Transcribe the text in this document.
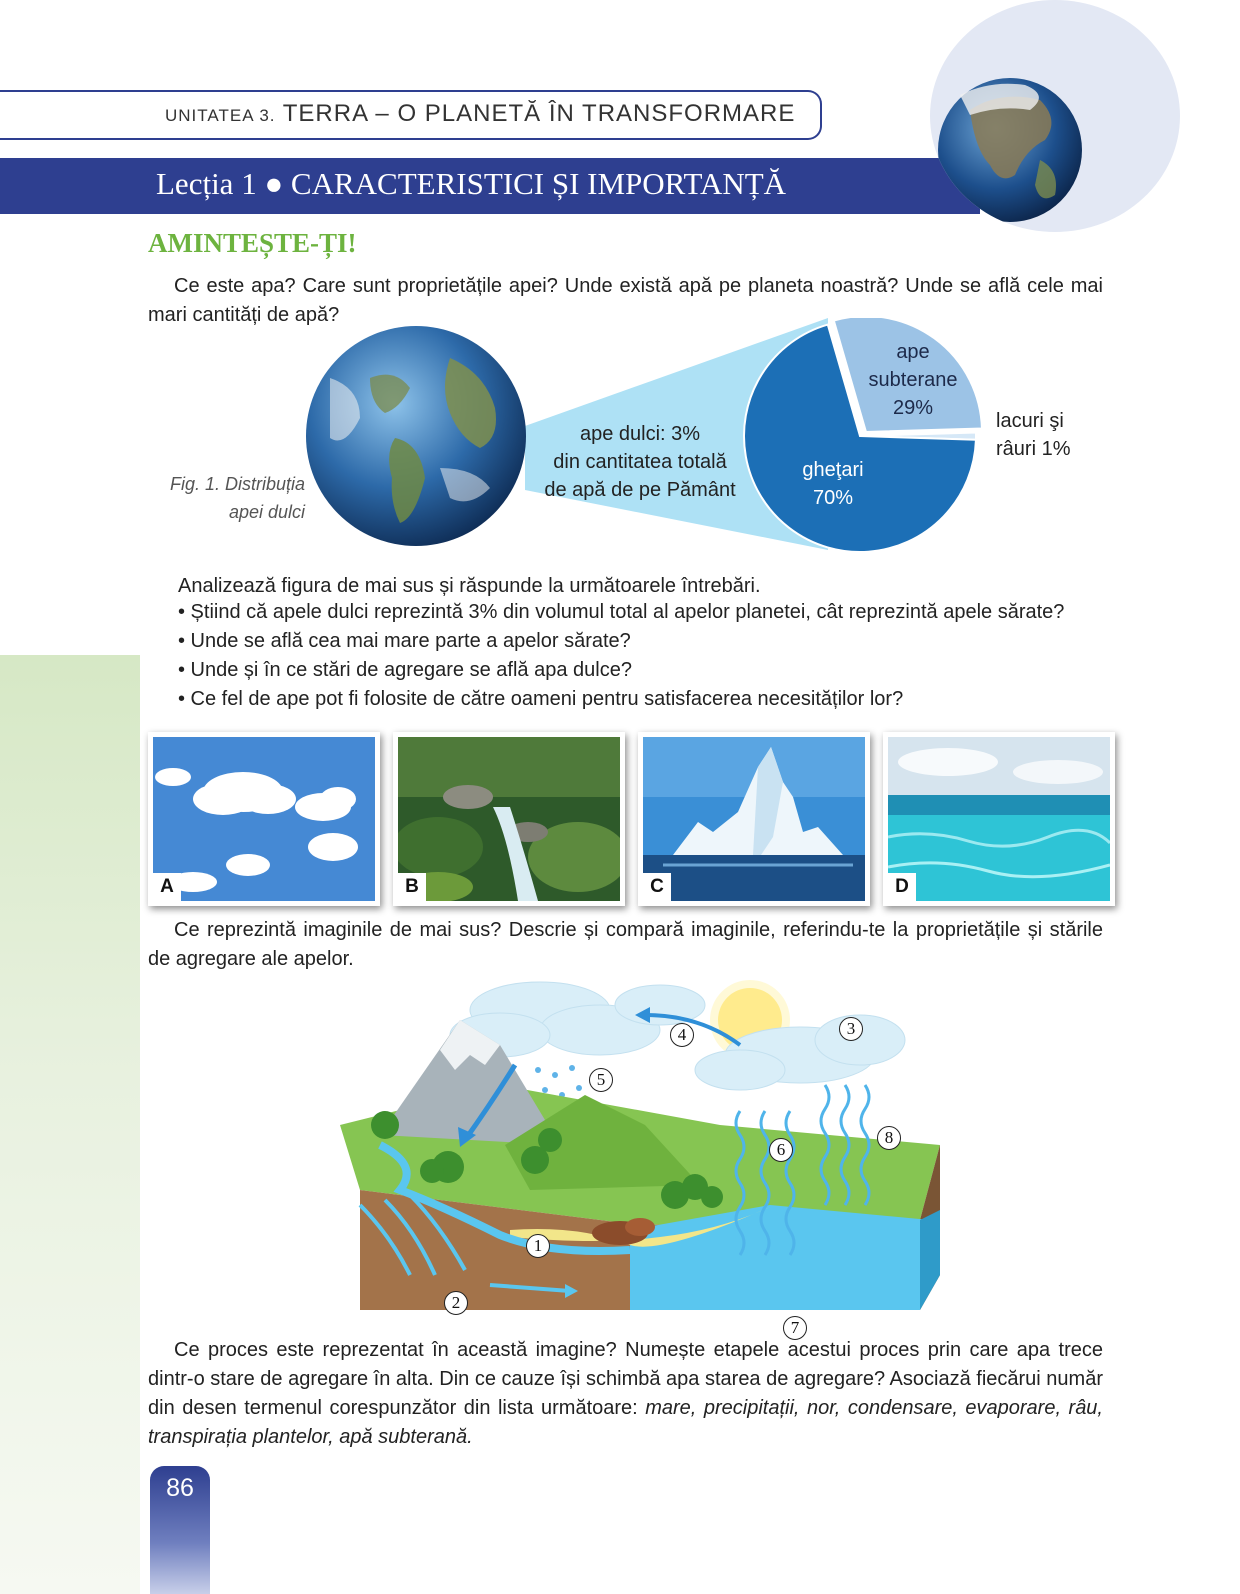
UNITATEA 3. TERRA – O PLANETĂ ÎN TRANSFORMARE
Lecția 1 ● CARACTERISTICI ȘI IMPORTANȚĂ
AMINTEȘTE-ȚI!
Ce este apa? Care sunt proprietățile apei? Unde există apă pe planeta noastră? Unde se află cele mai mari cantități de apă?
Fig. 1. Distribuția
apei dulci
ape dulci: 3%
din cantitatea totală
de apă de pe Pământ
gheţari
70%
ape
subterane
29%
lacuri şi
râuri 1%
Analizează figura de mai sus și răspunde la următoarele întrebări.
• Știind că apele dulci reprezintă 3% din volumul total al apelor planetei, cât reprezintă apele sărate?
• Unde se află cea mai mare parte a apelor sărate?
• Unde și în ce stări de agregare se află apa dulce?
• Ce fel de ape pot fi folosite de către oameni pentru satisfacerea necesităților lor?
A	B	C	D
Ce reprezintă imaginile de mai sus? Descrie și compară imaginile, referindu-te la proprietățile și stările de agregare ale apelor.
1
2
3
4
5
6
7
8
Ce proces este reprezentat în această imagine? Numește etapele acestui proces prin care apa trece dintr-o stare de agregare în alta. Din ce cauze își schimbă apa starea de agregare? Asociază fiecărui număr din desen termenul corespunzător din lista următoare: mare, precipitații, nor, condensare, evaporare, râu, transpirația plantelor, apă subterană.
86
